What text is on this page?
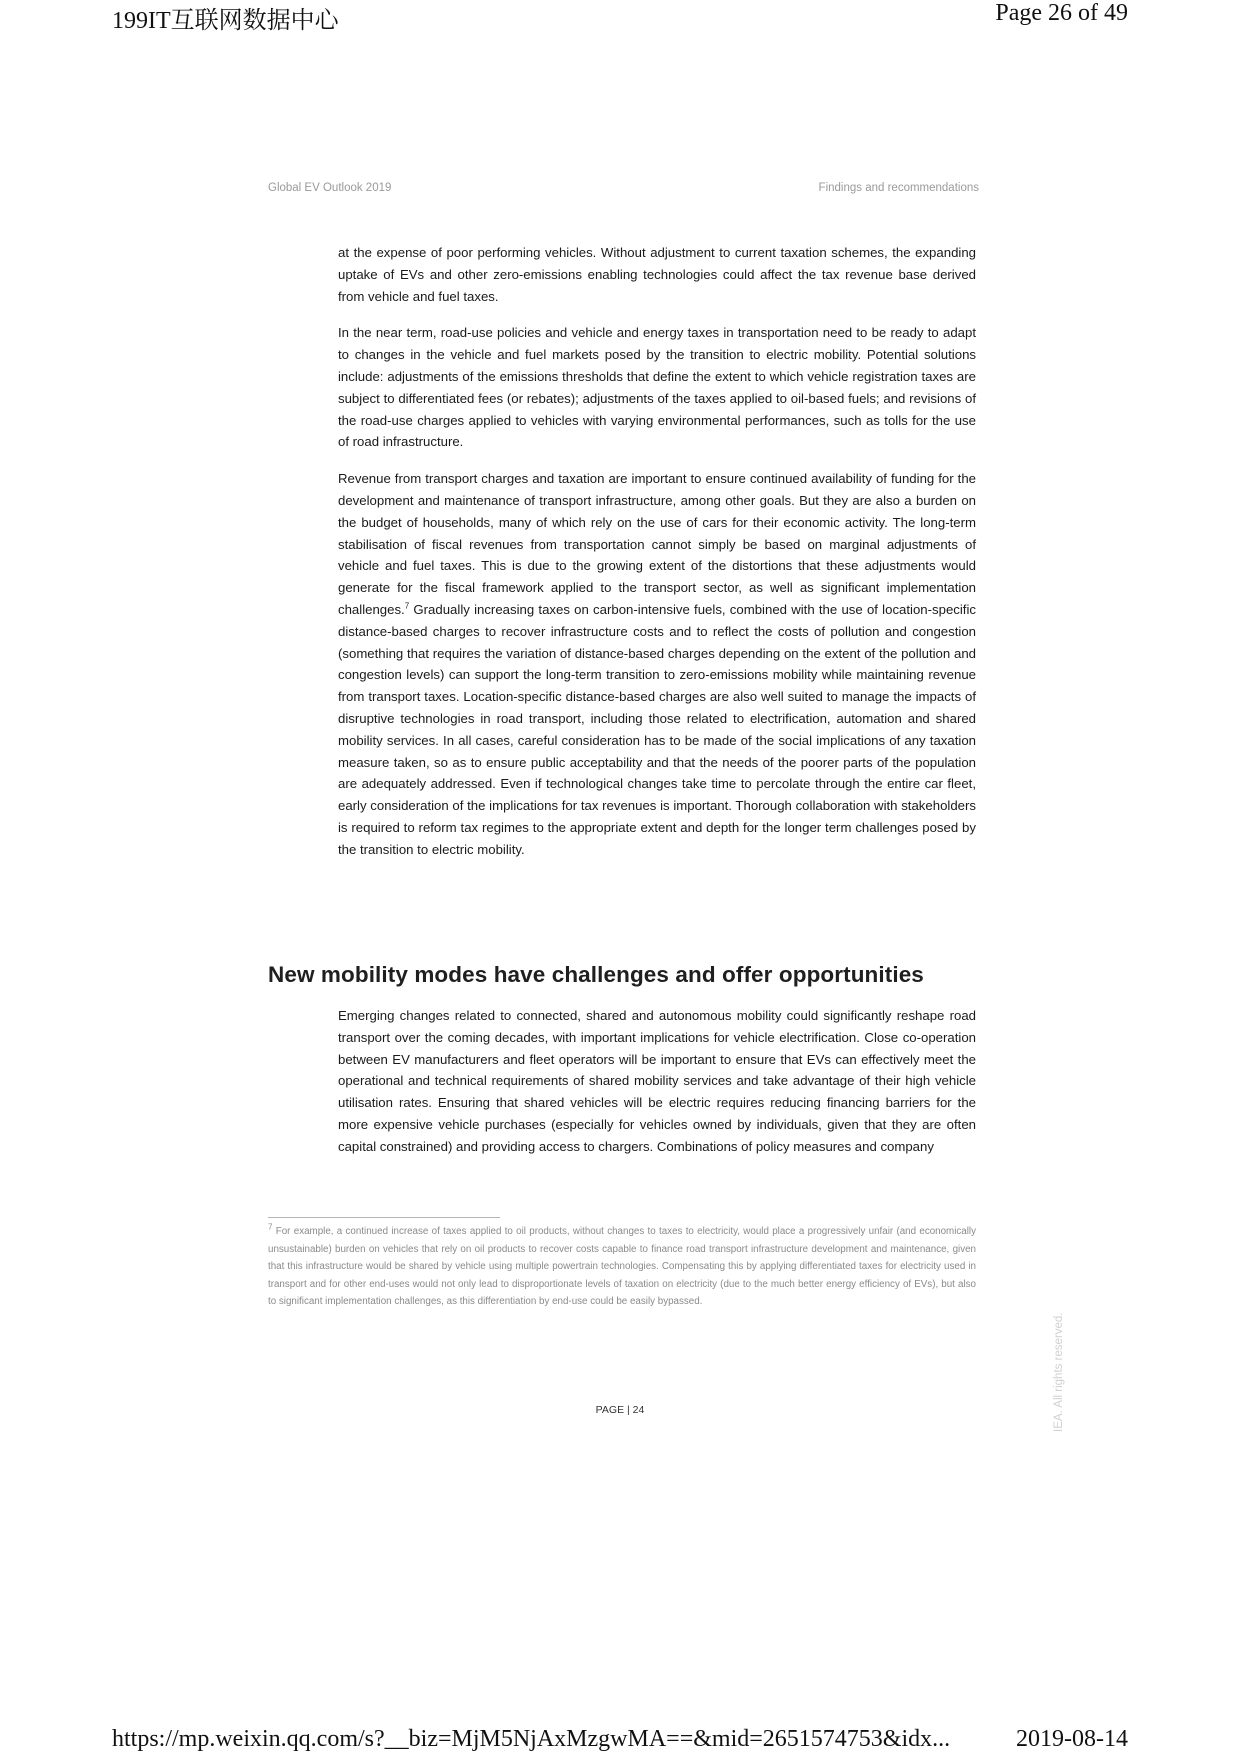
199IT互联网数据中心	Page 26 of 49
Global EV Outlook 2019	Findings and recommendations

at the expense of poor performing vehicles. Without adjustment to current taxation schemes, the expanding uptake of EVs and other zero-emissions enabling technologies could affect the tax revenue base derived from vehicle and fuel taxes.

In the near term, road-use policies and vehicle and energy taxes in transportation need to be ready to adapt to changes in the vehicle and fuel markets posed by the transition to electric mobility. Potential solutions include: adjustments of the emissions thresholds that define the extent to which vehicle registration taxes are subject to differentiated fees (or rebates); adjustments of the taxes applied to oil-based fuels; and revisions of the road-use charges applied to vehicles with varying environmental performances, such as tolls for the use of road infrastructure.

Revenue from transport charges and taxation are important to ensure continued availability of funding for the development and maintenance of transport infrastructure, among other goals. But they are also a burden on the budget of households, many of which rely on the use of cars for their economic activity. The long-term stabilisation of fiscal revenues from transportation cannot simply be based on marginal adjustments of vehicle and fuel taxes. This is due to the growing extent of the distortions that these adjustments would generate for the fiscal framework applied to the transport sector, as well as significant implementation challenges.$^7$ Gradually increasing taxes on carbon-intensive fuels, combined with the use of location-specific distance-based charges to recover infrastructure costs and to reflect the costs of pollution and congestion (something that requires the variation of distance-based charges depending on the extent of the pollution and congestion levels) can support the long-term transition to zero-emissions mobility while maintaining revenue from transport taxes. Location-specific distance-based charges are also well suited to manage the impacts of disruptive technologies in road transport, including those related to electrification, automation and shared mobility services. In all cases, careful consideration has to be made of the social implications of any taxation measure taken, so as to ensure public acceptability and that the needs of the poorer parts of the population are adequately addressed. Even if technological changes take time to percolate through the entire car fleet, early consideration of the implications for tax revenues is important. Thorough collaboration with stakeholders is required to reform tax regimes to the appropriate extent and depth for the longer term challenges posed by the transition to electric mobility.

New mobility modes have challenges and offer opportunities

Emerging changes related to connected, shared and autonomous mobility could significantly reshape road transport over the coming decades, with important implications for vehicle electrification. Close co-operation between EV manufacturers and fleet operators will be important to ensure that EVs can effectively meet the operational and technical requirements of shared mobility services and take advantage of their high vehicle utilisation rates. Ensuring that shared vehicles will be electric requires reducing financing barriers for the more expensive vehicle purchases (especially for vehicles owned by individuals, given that they are often capital constrained) and providing access to chargers. Combinations of policy measures and company

$^7$ For example, a continued increase of taxes applied to oil products, without changes to taxes to electricity, would place a progressively unfair (and economically unsustainable) burden on vehicles that rely on oil products to recover costs capable to finance road transport infrastructure development and maintenance, given that this infrastructure would be shared by vehicle using multiple powertrain technologies. Compensating this by applying differentiated taxes for electricity used in transport and for other end-uses would not only lead to disproportionate levels of taxation on electricity (due to the much better energy efficiency of EVs), but also to significant implementation challenges, as this differentiation by end-use could be easily bypassed.
PAGE | 24	IEA. All rights reserved.
https://mp.weixin.qq.com/s?__biz=MjM5NjAxMzgwMA==&mid=2651574753&idx...	2019-08-14
